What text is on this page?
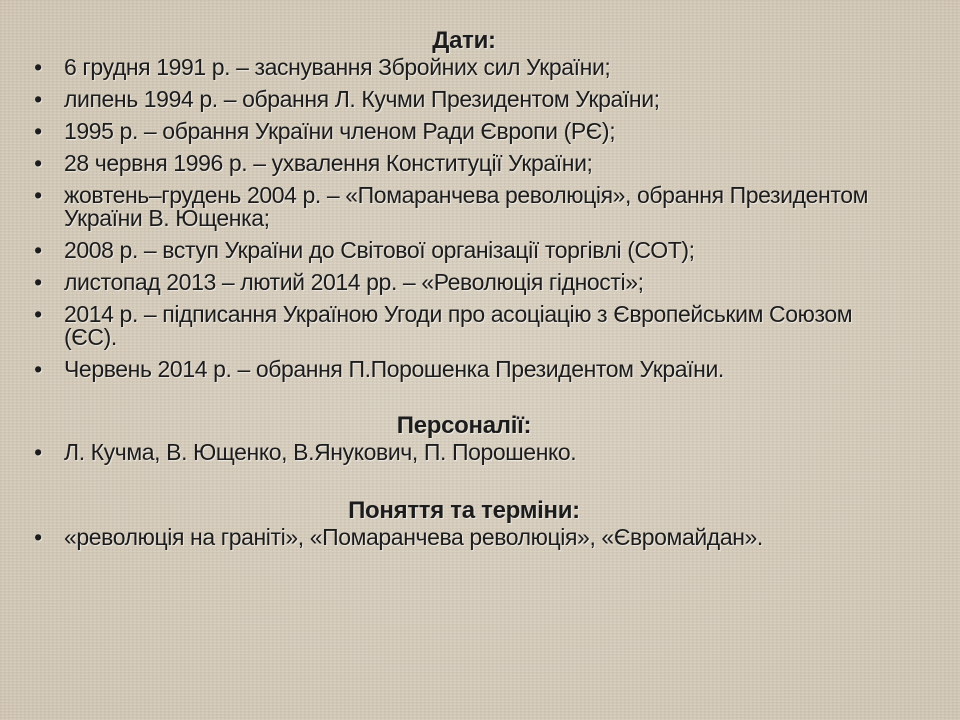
Дати:
• 6 грудня 1991 р. – заснування Збройних сил України;
• липень 1994 р. – обрання Л. Кучми Президентом України;
• 1995 р. – обрання України членом Ради Європи (РЄ);
• 28 червня 1996 р. – ухвалення Конституції України;
• жовтень–грудень 2004 р. – «Помаранчева революція», обрання Президентом України В. Ющенка;
• 2008 р. – вступ України до Світової організації торгівлі (СОТ);
• листопад 2013 – лютий 2014 рр. – «Революція гідності»;
• 2014 р. – підписання Україною Угоди про асоціацію з Європейським Союзом (ЄС).
• Червень 2014 р. – обрання П.Порошенка Президентом України.
Персоналії:
• Л. Кучма, В. Ющенко, В.Янукович, П. Порошенко.
Поняття та терміни:
• «революція на граніті», «Помаранчева революція», «Євромайдан».
